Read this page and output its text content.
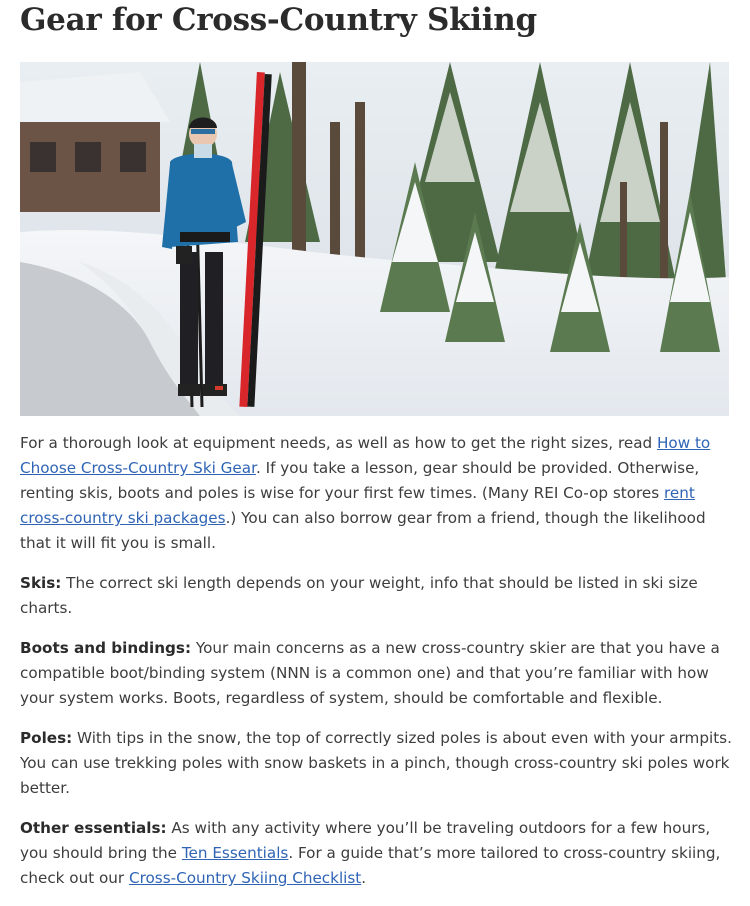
Gear for Cross-Country Skiing

For a thorough look at equipment needs, as well as how to get the right sizes, read How to Choose Cross-Country Ski Gear. If you take a lesson, gear should be provided. Otherwise, renting skis, boots and poles is wise for your first few times. (Many REI Co-op stores rent cross-country ski packages.) You can also borrow gear from a friend, though the likelihood that it will fit you is small.

Skis: The correct ski length depends on your weight, info that should be listed in ski size charts.

Boots and bindings: Your main concerns as a new cross-country skier are that you have a compatible boot/binding system (NNN is a common one) and that you’re familiar with how your system works. Boots, regardless of system, should be comfortable and flexible.

Poles: With tips in the snow, the top of correctly sized poles is about even with your armpits. You can use trekking poles with snow baskets in a pinch, though cross-country ski poles work better.

Other essentials: As with any activity where you’ll be traveling outdoors for a few hours, you should bring the Ten Essentials. For a guide that’s more tailored to cross-country skiing, check out our Cross-Country Skiing Checklist.
